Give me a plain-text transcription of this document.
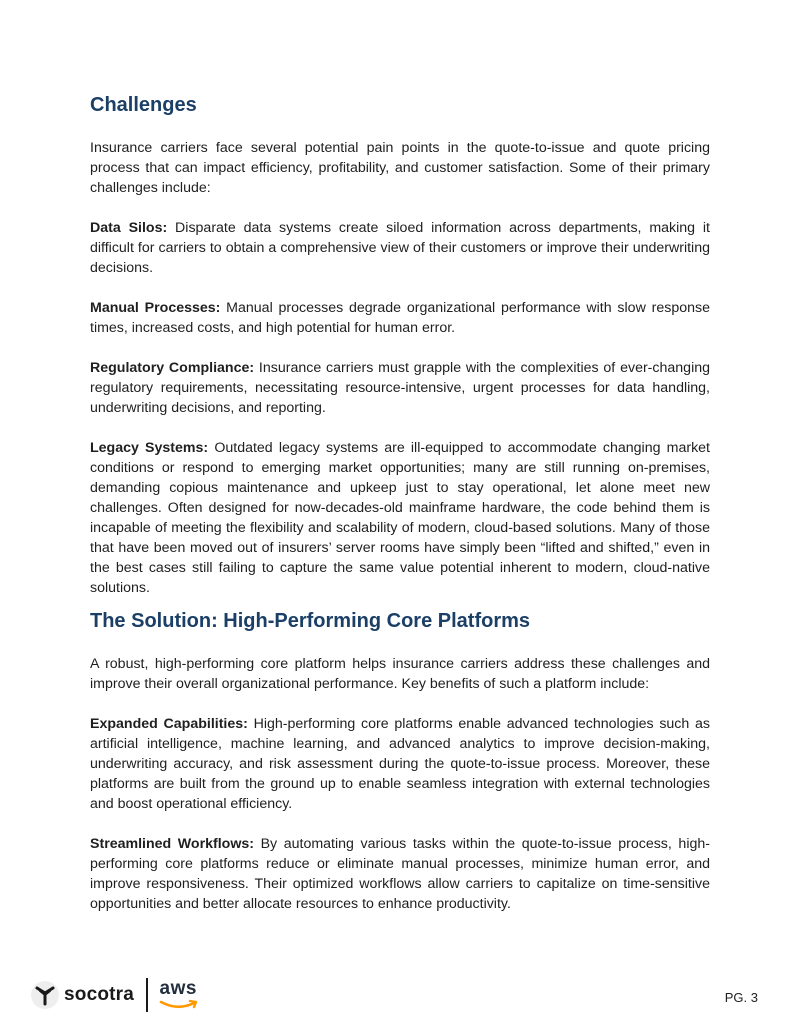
Challenges

Insurance carriers face several potential pain points in the quote-to-issue and quote pricing process that can impact efficiency, profitability, and customer satisfaction. Some of their primary challenges include:

Data Silos: Disparate data systems create siloed information across departments, making it difficult for carriers to obtain a comprehensive view of their customers or improve their underwriting decisions.

Manual Processes: Manual processes degrade organizational performance with slow response times, increased costs, and high potential for human error.

Regulatory Compliance: Insurance carriers must grapple with the complexities of ever-changing regulatory requirements, necessitating resource-intensive, urgent processes for data handling, underwriting decisions, and reporting.

Legacy Systems: Outdated legacy systems are ill-equipped to accommodate changing market conditions or respond to emerging market opportunities; many are still running on-premises, demanding copious maintenance and upkeep just to stay operational, let alone meet new challenges. Often designed for now-decades-old mainframe hardware, the code behind them is incapable of meeting the flexibility and scalability of modern, cloud-based solutions. Many of those that have been moved out of insurers’ server rooms have simply been “lifted and shifted,” even in the best cases still failing to capture the same value potential inherent to modern, cloud-native solutions.

The Solution: High-Performing Core Platforms

A robust, high-performing core platform helps insurance carriers address these challenges and improve their overall organizational performance. Key benefits of such a platform include:

Expanded Capabilities: High-performing core platforms enable advanced technologies such as artificial intelligence, machine learning, and advanced analytics to improve decision-making, underwriting accuracy, and risk assessment during the quote-to-issue process. Moreover, these platforms are built from the ground up to enable seamless integration with external technologies and boost operational efficiency.

Streamlined Workflows: By automating various tasks within the quote-to-issue process, high-performing core platforms reduce or eliminate manual processes, minimize human error, and improve responsiveness. Their optimized workflows allow carriers to capitalize on time-sensitive opportunities and better allocate resources to enhance productivity.

socotra aws	PG. 3
